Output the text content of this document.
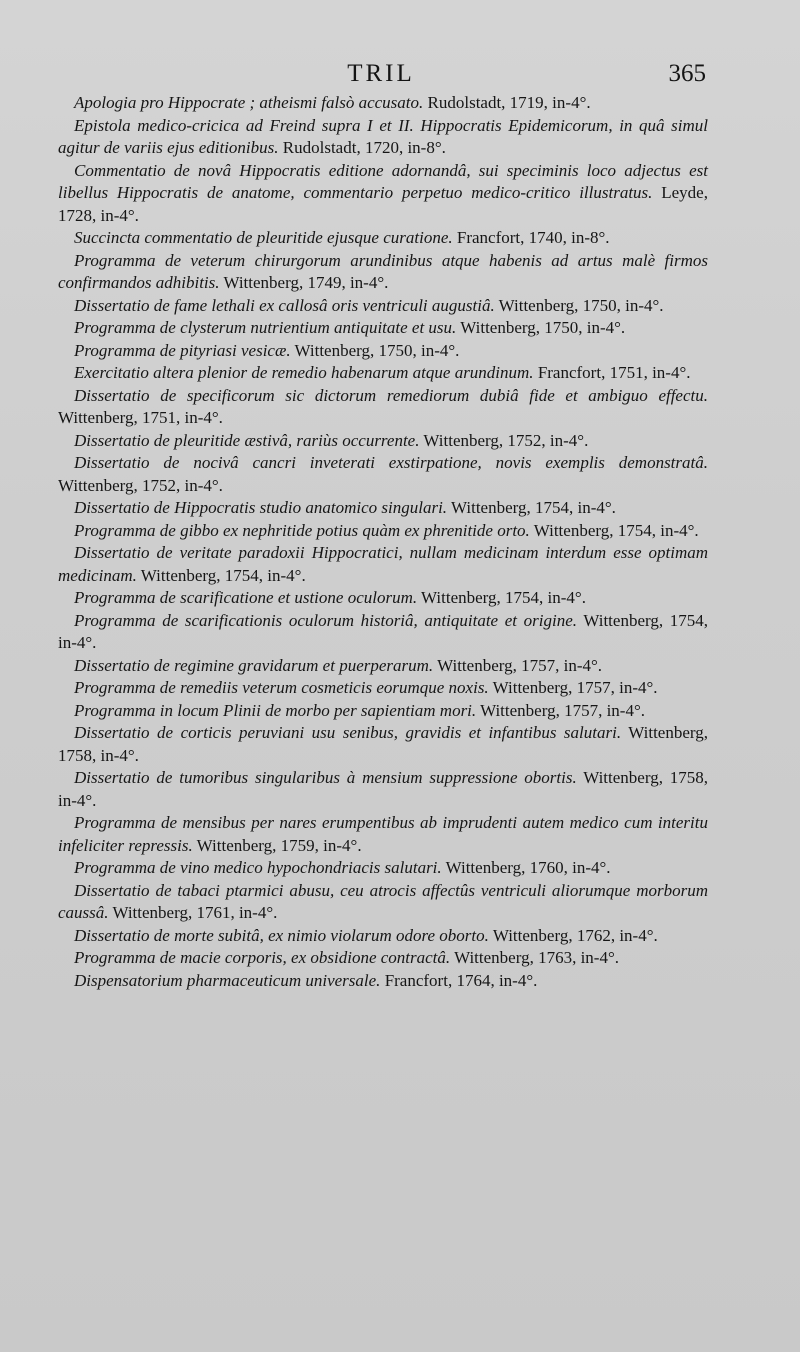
TRIL	365

Apologia pro Hippocrate ; atheismi falsò accusato. Rudolstadt, 1719, in-4°.

Epistola medico-cricica ad Freind supra I et II. Hippocratis Epidemicorum, in quâ simul agitur de variis ejus editionibus. Rudolstadt, 1720, in-8°.

Commentatio de novâ Hippocratis editione adornandâ, sui speciminis loco adjectus est libellus Hippocratis de anatome, commentario perpetuo medico-critico illustratus. Leyde, 1728, in-4°.

Succincta commentatio de pleuritide ejusque curatione. Francfort, 1740, in-8°.

Programma de veterum chirurgorum arundinibus atque habenis ad artus malè firmos confirmandos adhibitis. Wittenberg, 1749, in-4°.

Dissertatio de fame lethali ex callosâ oris ventriculi augustiâ. Wittenberg, 1750, in-4°.

Programma de clysterum nutrientium antiquitate et usu. Wittenberg, 1750, in-4°.

Programma de pityriasi vesicæ. Wittenberg, 1750, in-4°.

Exercitatio altera plenior de remedio habenarum atque arundinum. Francfort, 1751, in-4°.

Dissertatio de specificorum sic dictorum remediorum dubiâ fide et ambiguo effectu. Wittenberg, 1751, in-4°.

Dissertatio de pleuritide æstivâ, rariùs occurrente. Wittenberg, 1752, in-4°.

Dissertatio de nocivâ cancri inveterati exstirpatione, novis exemplis demonstratâ. Wittenberg, 1752, in-4°.

Dissertatio de Hippocratis studio anatomico singulari. Wittenberg, 1754, in-4°.

Programma de gibbo ex nephritide potius quàm ex phrenitide orto. Wittenberg, 1754, in-4°.

Dissertatio de veritate paradoxii Hippocratici, nullam medicinam interdum esse optimam medicinam. Wittenberg, 1754, in-4°.

Programma de scarificatione et ustione oculorum. Wittenberg, 1754, in-4°.

Programma de scarificationis oculorum historiâ, antiquitate et origine. Wittenberg, 1754, in-4°.

Dissertatio de regimine gravidarum et puerperarum. Wittenberg, 1757, in-4°.

Programma de remediis veterum cosmeticis eorumque noxis. Wittenberg, 1757, in-4°.

Programma in locum Plinii de morbo per sapientiam mori. Wittenberg, 1757, in-4°.

Dissertatio de corticis peruviani usu senibus, gravidis et infantibus salutari. Wittenberg, 1758, in-4°.

Dissertatio de tumoribus singularibus à mensium suppressione obortis. Wittenberg, 1758, in-4°.

Programma de mensibus per nares erumpentibus ab imprudenti autem medico cum interitu infeliciter repressis. Wittenberg, 1759, in-4°.

Programma de vino medico hypochondriacis salutari. Wittenberg, 1760, in-4°.

Dissertatio de tabaci ptarmici abusu, ceu atrocis affectûs ventriculi aliorumque morborum caussâ. Wittenberg, 1761, in-4°.

Dissertatio de morte subitâ, ex nimio violarum odore oborto. Wittenberg, 1762, in-4°.

Programma de macie corporis, ex obsidione contractâ. Wittenberg, 1763, in-4°.

Dispensatorium pharmaceuticum universale. Francfort, 1764, in-4°.
